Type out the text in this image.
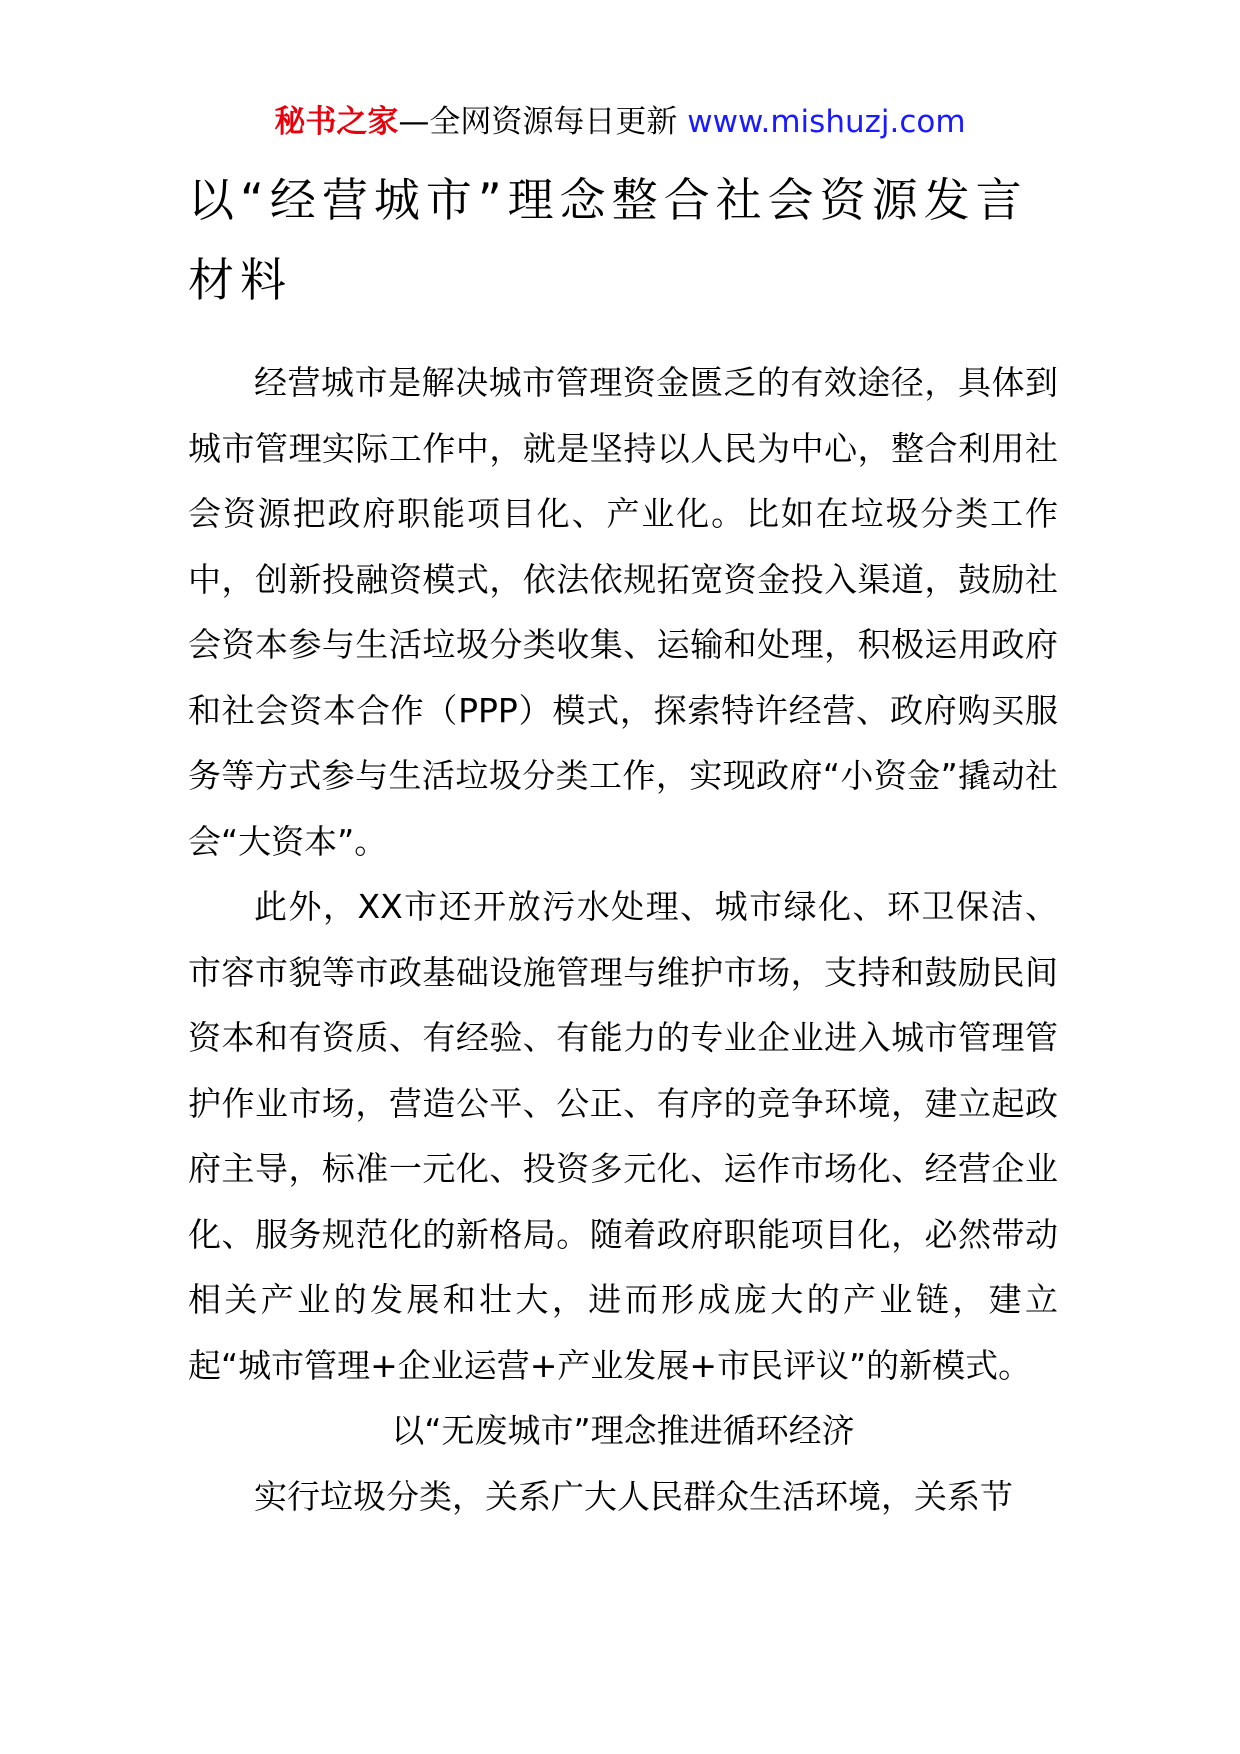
秘书之家—全网资源每日更新 www.mishuzj.com
以“经营城市”理念整合社会资源发言材料

经营城市是解决城市管理资金匮乏的有效途径，具体到城市管理实际工作中，就是坚持以人民为中心，整合利用社会资源把政府职能项目化、产业化。比如在垃圾分类工作中，创新投融资模式，依法依规拓宽资金投入渠道，鼓励社会资本参与生活垃圾分类收集、运输和处理，积极运用政府和社会资本合作（PPP）模式，探索特许经营、政府购买服务等方式参与生活垃圾分类工作，实现政府“小资金”撬动社会“大资本”。

此外，XX市还开放污水处理、城市绿化、环卫保洁、市容市貌等市政基础设施管理与维护市场，支持和鼓励民间资本和有资质、有经验、有能力的专业企业进入城市管理管护作业市场，营造公平、公正、有序的竞争环境，建立起政府主导，标准一元化、投资多元化、运作市场化、经营企业化、服务规范化的新格局。随着政府职能项目化，必然带动相关产业的发展和壮大，进而形成庞大的产业链，建立起“城市管理+企业运营+产业发展+市民评议”的新模式。

以“无废城市”理念推进循环经济

实行垃圾分类，关系广大人民群众生活环境，关系节
